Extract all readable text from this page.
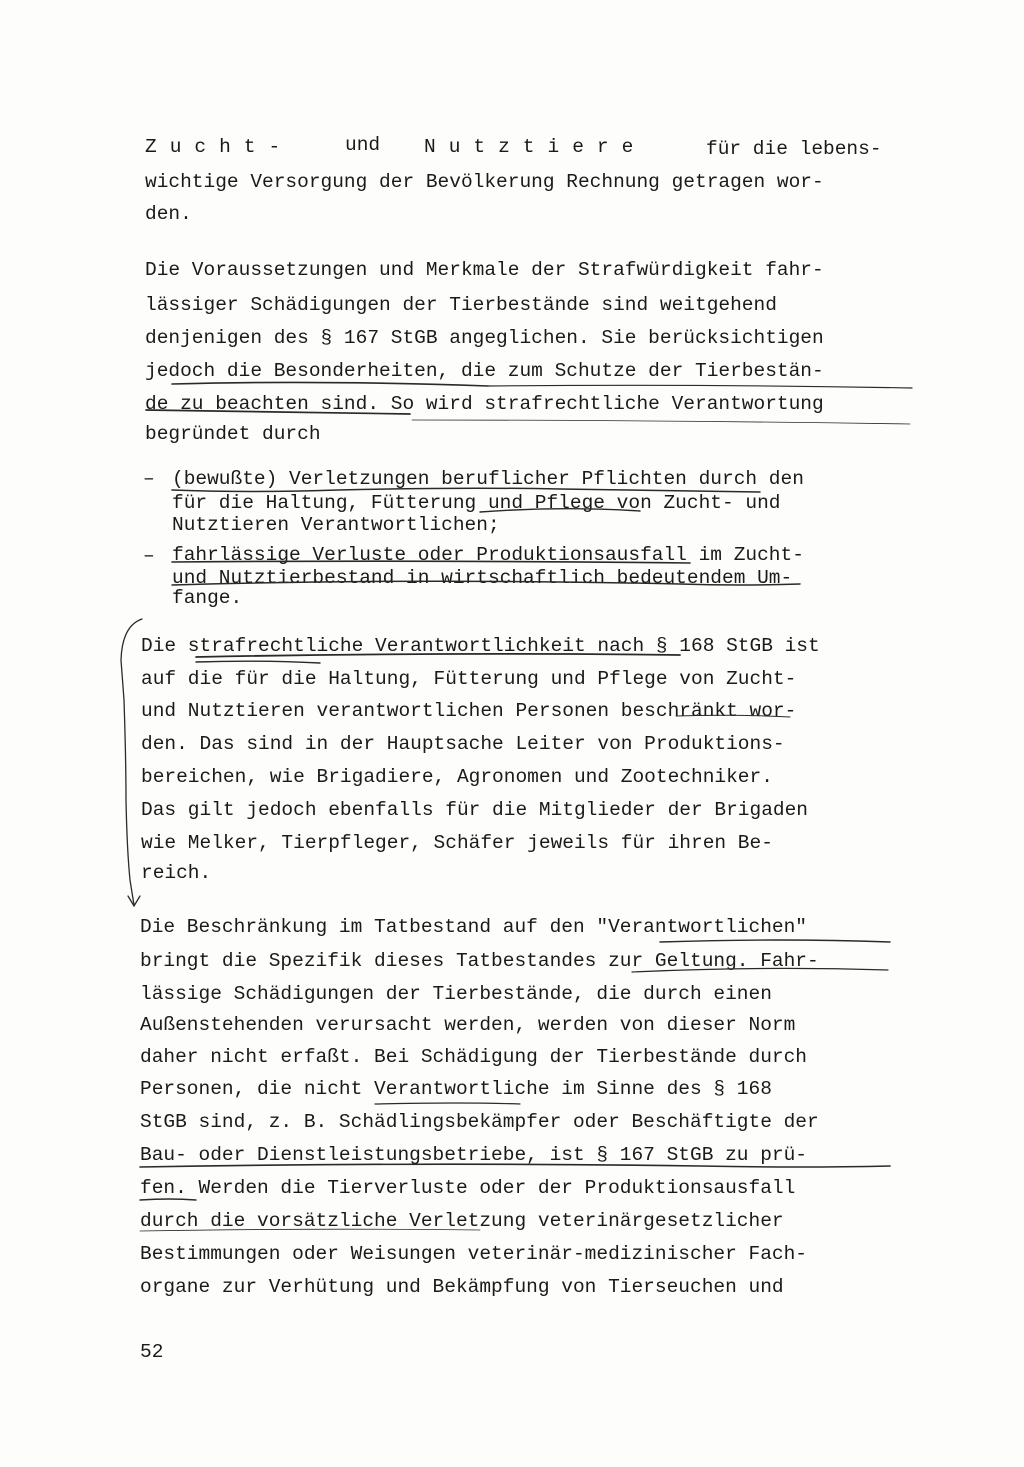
Zucht-	und Nutztiere	für die lebens-
wichtige Versorgung der Bevölkerung Rechnung getragen wor-
den.
Die Voraussetzungen und Merkmale der Strafwürdigkeit fahr-
lässiger Schädigungen der Tierbestände sind weitgehend
denjenigen des § 167 StGB angeglichen. Sie berücksichtigen
jedoch die Besonderheiten, die zum Schutze der Tierbestän-
de zu beachten sind. So wird strafrechtliche Verantwortung
begründet durch
– (bewußte) Verletzungen beruflicher Pflichten durch den
für die Haltung, Fütterung und Pflege von Zucht- und
Nutztieren Verantwortlichen;
– fahrlässige Verluste oder Produktionsausfall im Zucht-
und Nutztierbestand in wirtschaftlich bedeutendem Um-
fange.
Die strafrechtliche Verantwortlichkeit nach § 168 StGB ist
auf die für die Haltung, Fütterung und Pflege von Zucht-
und Nutztieren verantwortlichen Personen beschränkt wor-
den. Das sind in der Hauptsache Leiter von Produktions-
bereichen, wie Brigadiere, Agronomen und Zootechniker.
Das gilt jedoch ebenfalls für die Mitglieder der Brigaden
wie Melker, Tierpfleger, Schäfer jeweils für ihren Be-
reich.
Die Beschränkung im Tatbestand auf den "Verantwortlichen"
bringt die Spezifik dieses Tatbestandes zur Geltung. Fahr-
lässige Schädigungen der Tierbestände, die durch einen
Außenstehenden verursacht werden, werden von dieser Norm
daher nicht erfaßt. Bei Schädigung der Tierbestände durch
Personen, die nicht Verantwortliche im Sinne des § 168
StGB sind, z. B. Schädlingsbekämpfer oder Beschäftigte der
Bau- oder Dienstleistungsbetriebe, ist § 167 StGB zu prü-
fen. Werden die Tierverluste oder der Produktionsausfall
durch die vorsätzliche Verletzung veterinärgesetzlicher
Bestimmungen oder Weisungen veterinär-medizinischer Fach-
organe zur Verhütung und Bekämpfung von Tierseuchen und
52
